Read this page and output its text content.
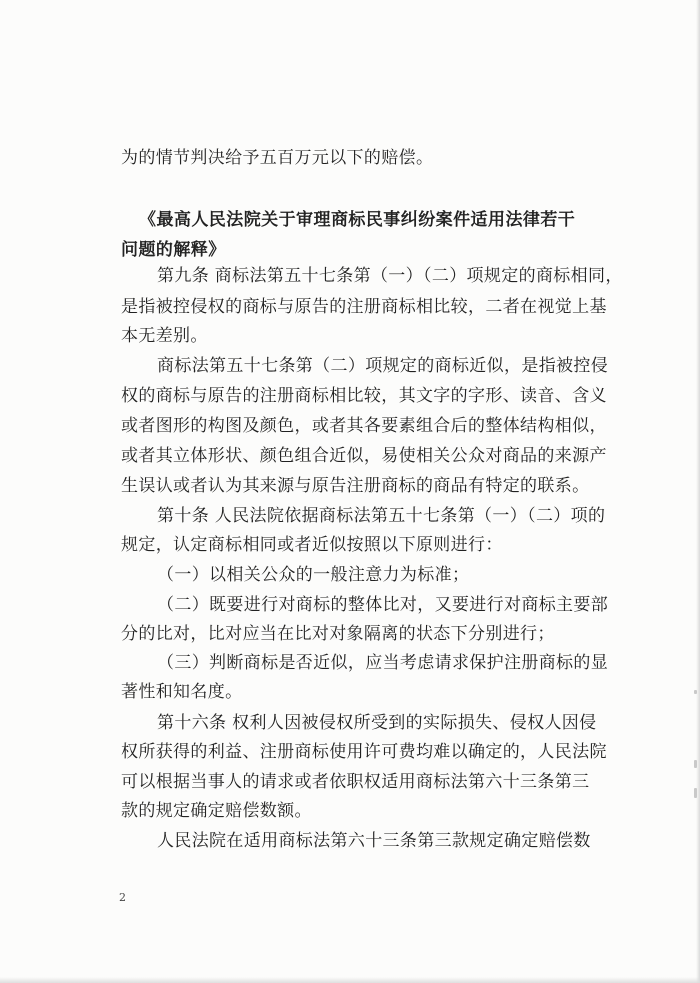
为的情节判决给予五百万元以下的赔偿。
《最高人民法院关于审理商标民事纠纷案件适用法律若干
问题的解释》
第九条 商标法第五十七条第（一）（二）项规定的商标相同，
是指被控侵权的商标与原告的注册商标相比较，二者在视觉上基
本无差别。
商标法第五十七条第（二）项规定的商标近似，是指被控侵
权的商标与原告的注册商标相比较，其文字的字形、读音、含义
或者图形的构图及颜色，或者其各要素组合后的整体结构相似，
或者其立体形状、颜色组合近似，易使相关公众对商品的来源产
生误认或者认为其来源与原告注册商标的商品有特定的联系。
第十条 人民法院依据商标法第五十七条第（一）（二）项的
规定，认定商标相同或者近似按照以下原则进行：
（一）以相关公众的一般注意力为标准；
（二）既要进行对商标的整体比对，又要进行对商标主要部
分的比对，比对应当在比对对象隔离的状态下分别进行；
（三）判断商标是否近似，应当考虑请求保护注册商标的显
著性和知名度。
第十六条 权利人因被侵权所受到的实际损失、侵权人因侵
权所获得的利益、注册商标使用许可费均难以确定的，人民法院
可以根据当事人的请求或者依职权适用商标法第六十三条第三
款的规定确定赔偿数额。
人民法院在适用商标法第六十三条第三款规定确定赔偿数
2
